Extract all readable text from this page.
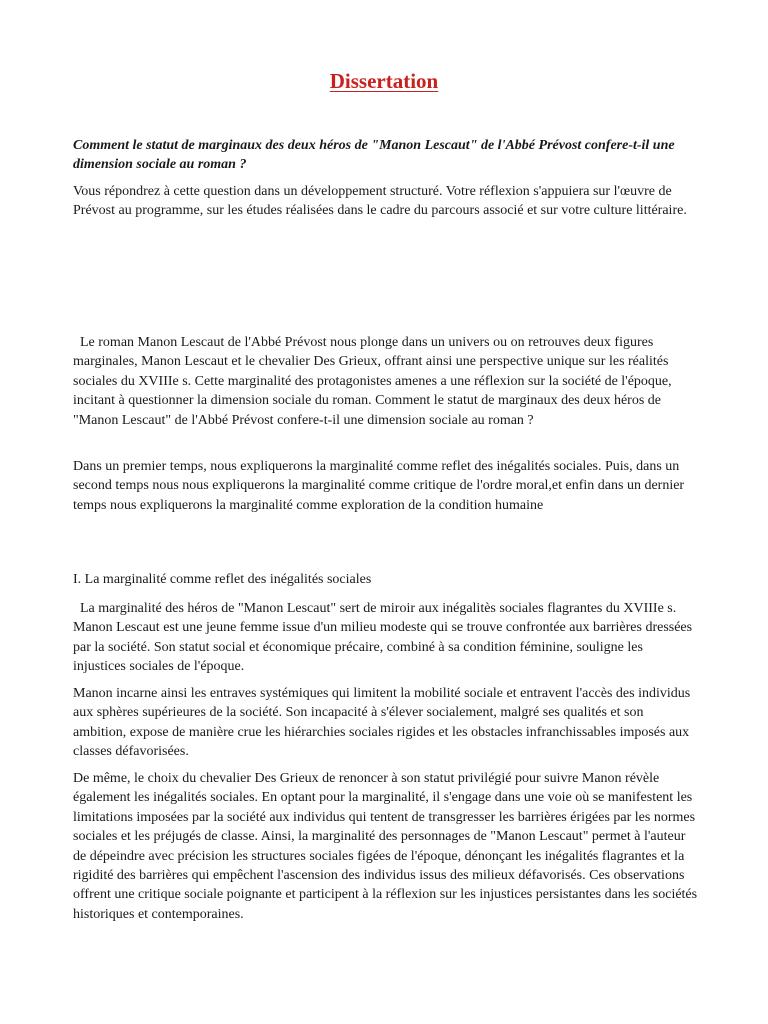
Dissertation

Comment le statut de marginaux des deux héros de "Manon Lescaut" de l'Abbé Prévost confere-t-il une dimension sociale au roman ?

Vous répondrez à cette question dans un développement structuré. Votre réflexion s'appuiera sur l'œuvre de Prévost au programme, sur les études réalisées dans le cadre du parcours associé et sur votre culture littéraire.

Le roman Manon Lescaut de l'Abbé Prévost nous plonge dans un univers ou on retrouves deux figures marginales, Manon Lescaut et le chevalier Des Grieux, offrant ainsi une perspective unique sur les réalités sociales du XVIIIe s. Cette marginalité des protagonistes amenes a une réflexion sur la société de l'époque, incitant à questionner la dimension sociale du roman. Comment le statut de marginaux des deux héros de "Manon Lescaut" de l'Abbé Prévost confere-t-il une dimension sociale au roman ?

Dans un premier temps, nous expliquerons la marginalité comme reflet des inégalités sociales. Puis, dans un second temps nous nous expliquerons la marginalité comme critique de l'ordre moral,et enfin dans un dernier temps nous expliquerons la marginalité comme exploration de la condition humaine

I. La marginalité comme reflet des inégalités sociales

La marginalité des héros de "Manon Lescaut" sert de miroir aux inégalitès sociales flagrantes du XVIIIe s. Manon Lescaut est une jeune femme issue d'un milieu modeste qui se trouve confrontée aux barrières dressées par la société. Son statut social et économique précaire, combiné à sa condition féminine, souligne les injustices sociales de l'époque.

Manon incarne ainsi les entraves systémiques qui limitent la mobilité sociale et entravent l'accès des individus aux sphères supérieures de la société. Son incapacité à s'élever socialement, malgré ses qualités et son ambition, expose de manière crue les hiérarchies sociales rigides et les obstacles infranchissables imposés aux classes défavorisées.

De même, le choix du chevalier Des Grieux de renoncer à son statut privilégié pour suivre Manon révèle également les inégalités sociales. En optant pour la marginalité, il s'engage dans une voie où se manifestent les limitations imposées par la société aux individus qui tentent de transgresser les barrières érigées par les normes sociales et les préjugés de classe. Ainsi, la marginalité des personnages de "Manon Lescaut" permet à l'auteur de dépeindre avec précision les structures sociales figées de l'époque, dénonçant les inégalités flagrantes et la rigidité des barrières qui empêchent l'ascension des individus issus des milieux défavorisés. Ces observations offrent une critique sociale poignante et participent à la réflexion sur les injustices persistantes dans les sociétés historiques et contemporaines.
